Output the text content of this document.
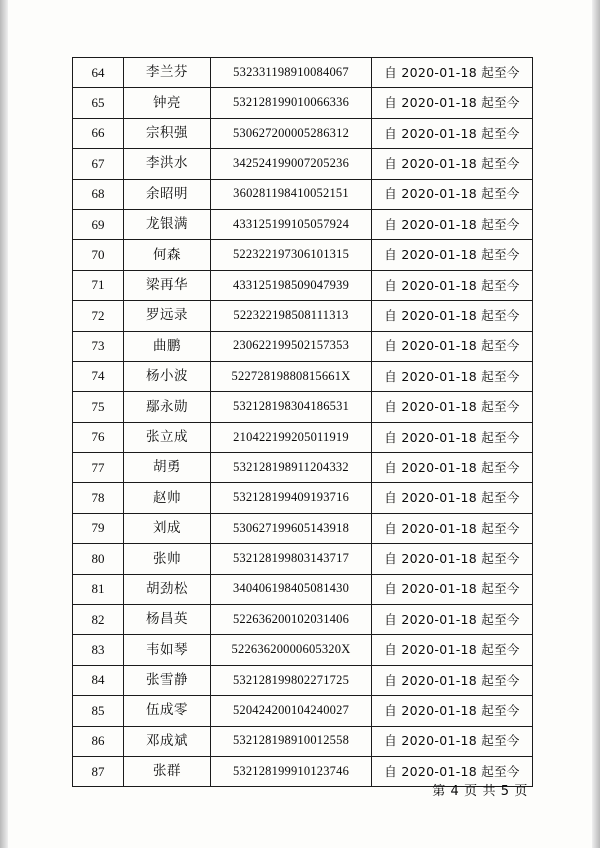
64	李兰芬	532331198910084067	自 2020-01-18 起至今
65	钟亮	532128199010066336	自 2020-01-18 起至今
66	宗积强	530627200005286312	自 2020-01-18 起至今
67	李洪水	342524199007205236	自 2020-01-18 起至今
68	余昭明	360281198410052151	自 2020-01-18 起至今
69	龙银满	433125199105057924	自 2020-01-18 起至今
70	何森	522322197306101315	自 2020-01-18 起至今
71	梁再华	433125198509047939	自 2020-01-18 起至今
72	罗远录	522322198508111313	自 2020-01-18 起至今
73	曲鹏	230622199502157353	自 2020-01-18 起至今
74	杨小波	52272819880815661X	自 2020-01-18 起至今
75	鄢永勋	532128198304186531	自 2020-01-18 起至今
76	张立成	210422199205011919	自 2020-01-18 起至今
77	胡勇	532128198911204332	自 2020-01-18 起至今
78	赵帅	532128199409193716	自 2020-01-18 起至今
79	刘成	530627199605143918	自 2020-01-18 起至今
80	张帅	532128199803143717	自 2020-01-18 起至今
81	胡劲松	340406198405081430	自 2020-01-18 起至今
82	杨昌英	522636200102031406	自 2020-01-18 起至今
83	韦如琴	52263620000605320X	自 2020-01-18 起至今
84	张雪静	532128199802271725	自 2020-01-18 起至今
85	伍成零	520424200104240027	自 2020-01-18 起至今
86	邓成斌	532128198910012558	自 2020-01-18 起至今
87	张群	532128199910123746	自 2020-01-18 起至今
第 4 页 共 5 页
